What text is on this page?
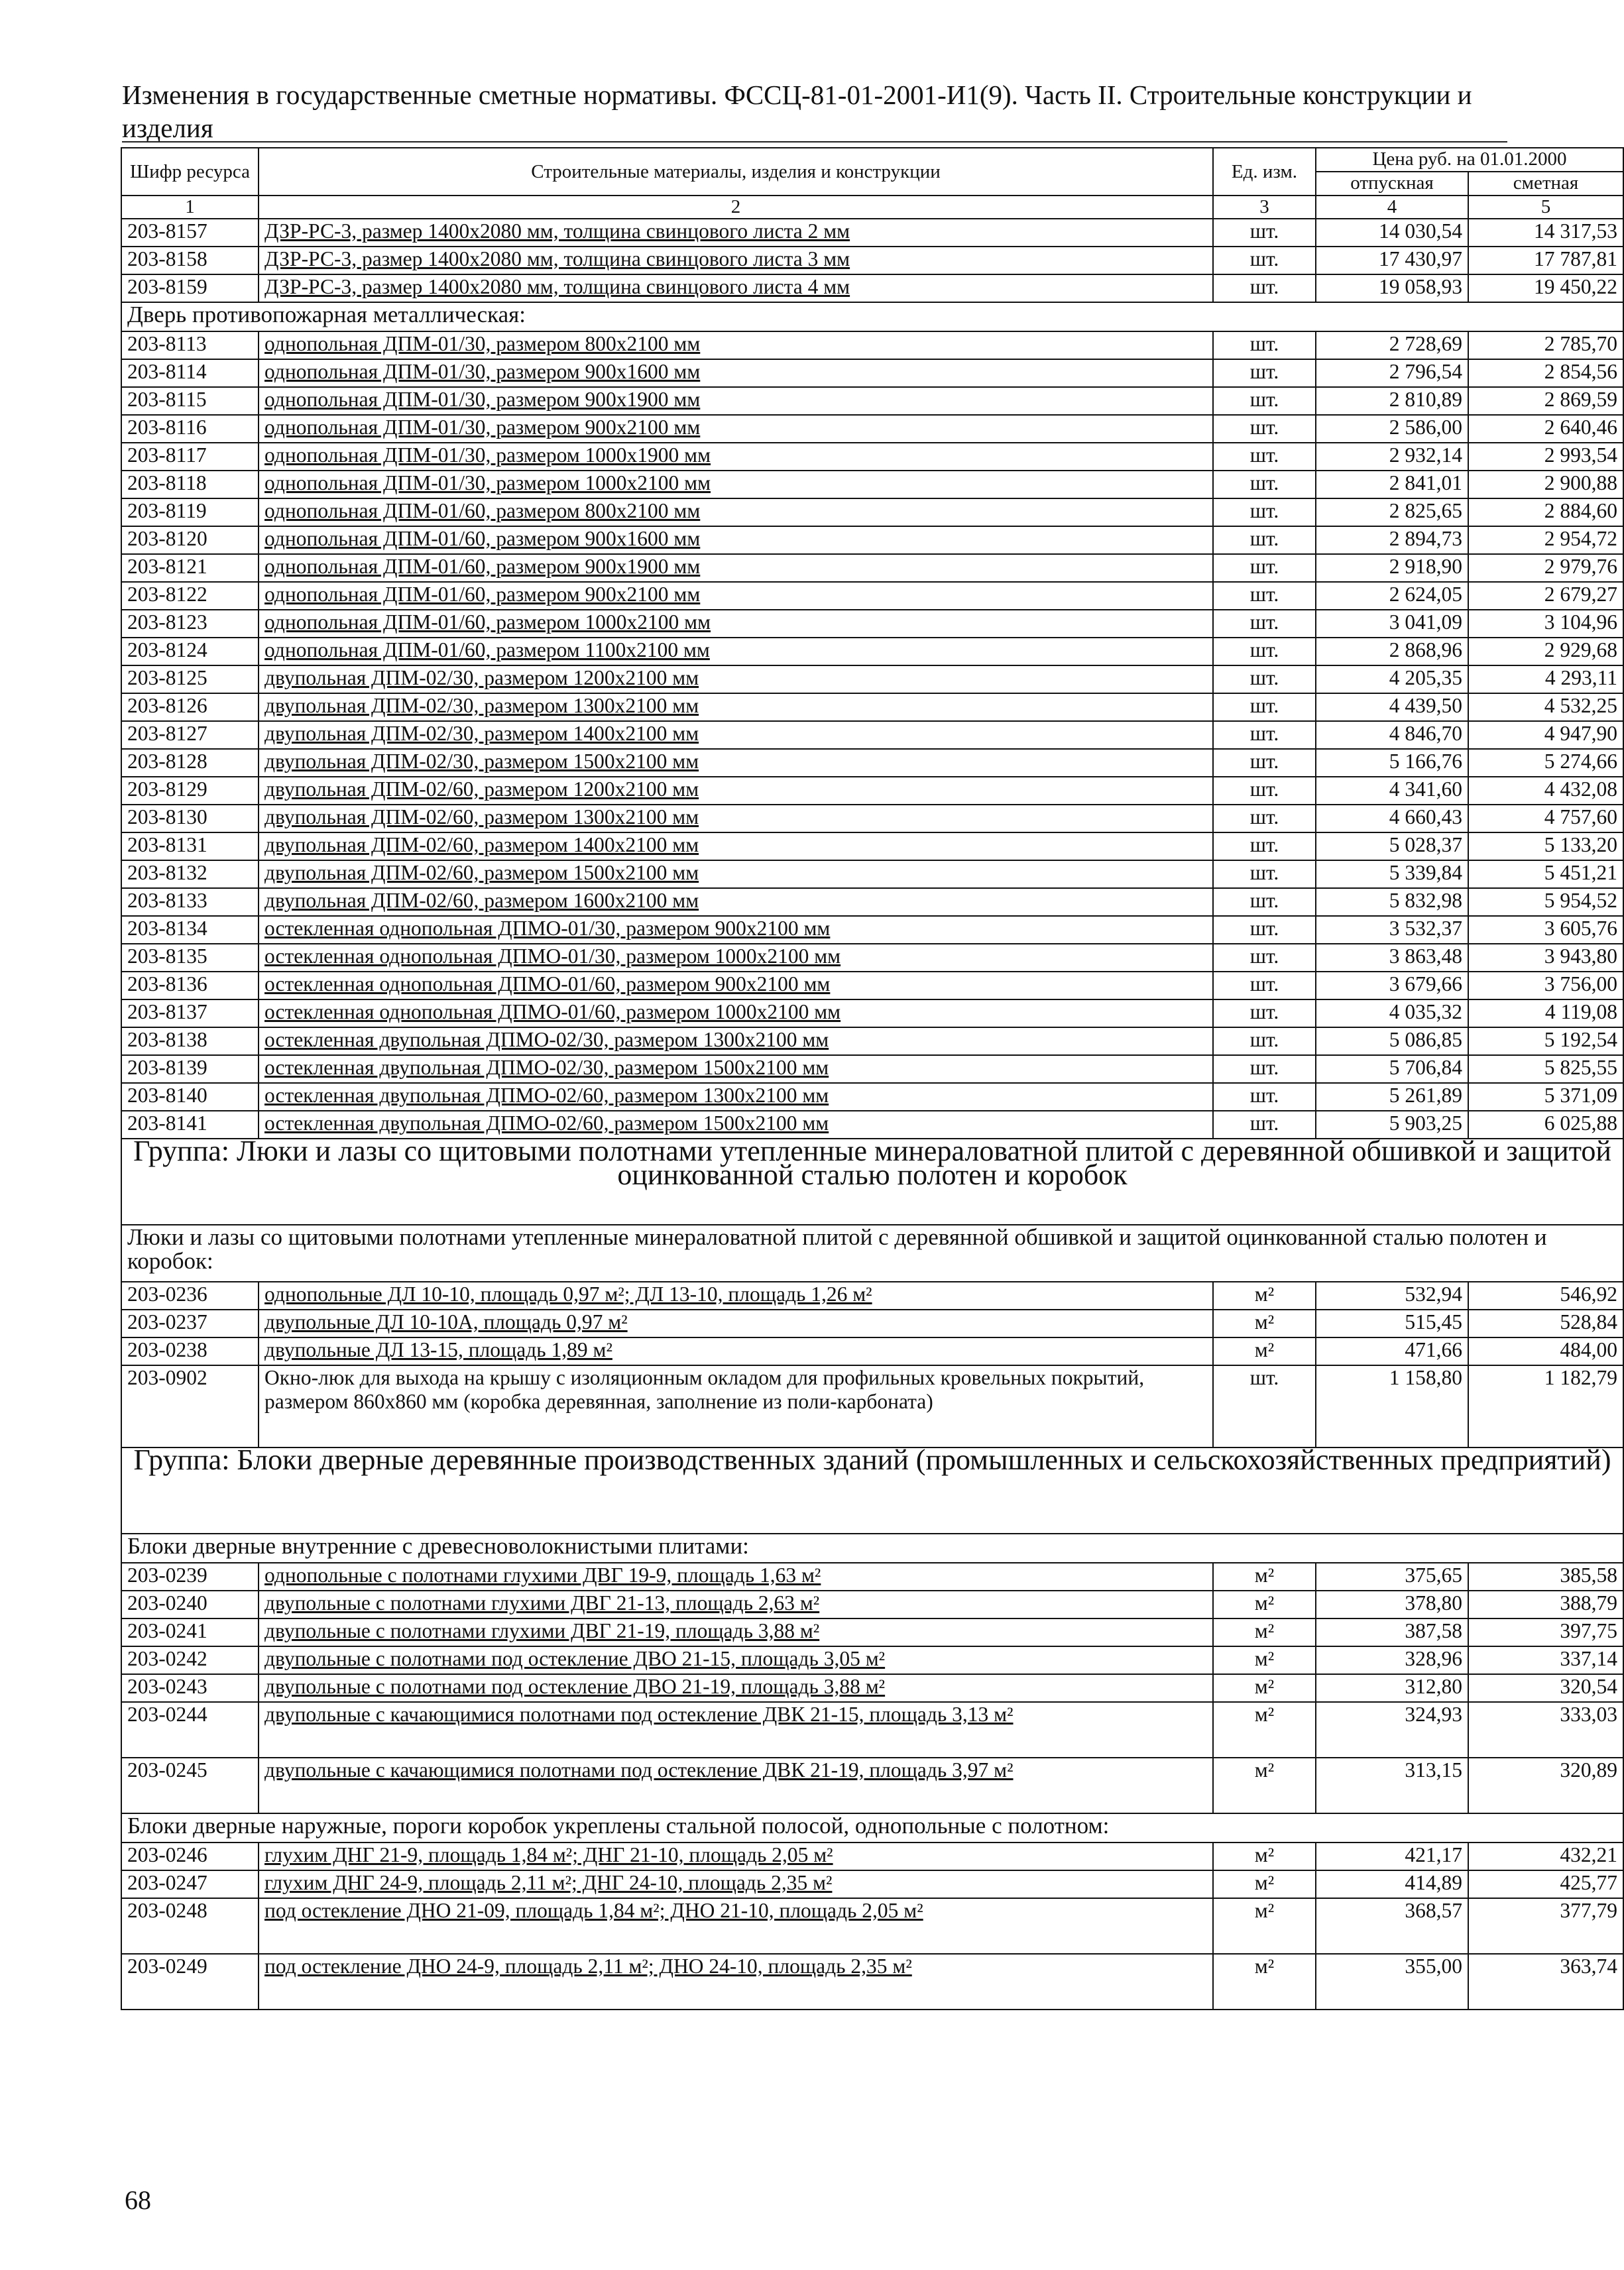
Изменения в государственные сметные нормативы. ФССЦ-81-01-2001-И1(9). Часть II. Строительные конструкции и
изделия
Шифр ресурса	Строительные материалы, изделия и конструкции	Ед. изм.	Цена руб. на 01.01.2000	
			отпускная	сметная
1	2	3	4	5
203-8157	ДЗР-РС-3, размер 1400х2080 мм, толщина свинцового листа 2 мм	шт.	14 030,54	14 317,53
203-8158	ДЗР-РС-3, размер 1400х2080 мм, толщина свинцового листа 3 мм	шт.	17 430,97	17 787,81
203-8159	ДЗР-РС-3, размер 1400х2080 мм, толщина свинцового листа 4 мм	шт.	19 058,93	19 450,22
Дверь противопожарная металлическая:				
203-8113	однопольная ДПМ-01/30, размером 800х2100 мм	шт.	2 728,69	2 785,70
203-8114	однопольная ДПМ-01/30, размером 900х1600 мм	шт.	2 796,54	2 854,56
203-8115	однопольная ДПМ-01/30, размером 900х1900 мм	шт.	2 810,89	2 869,59
203-8116	однопольная ДПМ-01/30, размером 900х2100 мм	шт.	2 586,00	2 640,46
203-8117	однопольная ДПМ-01/30, размером 1000х1900 мм	шт.	2 932,14	2 993,54
203-8118	однопольная ДПМ-01/30, размером 1000х2100 мм	шт.	2 841,01	2 900,88
203-8119	однопольная ДПМ-01/60, размером 800х2100 мм	шт.	2 825,65	2 884,60
203-8120	однопольная ДПМ-01/60, размером 900х1600 мм	шт.	2 894,73	2 954,72
203-8121	однопольная ДПМ-01/60, размером 900х1900 мм	шт.	2 918,90	2 979,76
203-8122	однопольная ДПМ-01/60, размером 900х2100 мм	шт.	2 624,05	2 679,27
203-8123	однопольная ДПМ-01/60, размером 1000х2100 мм	шт.	3 041,09	3 104,96
203-8124	однопольная ДПМ-01/60, размером 1100х2100 мм	шт.	2 868,96	2 929,68
203-8125	двупольная ДПМ-02/30, размером 1200х2100 мм	шт.	4 205,35	4 293,11
203-8126	двупольная ДПМ-02/30, размером 1300х2100 мм	шт.	4 439,50	4 532,25
203-8127	двупольная ДПМ-02/30, размером 1400х2100 мм	шт.	4 846,70	4 947,90
203-8128	двупольная ДПМ-02/30, размером 1500х2100 мм	шт.	5 166,76	5 274,66
203-8129	двупольная ДПМ-02/60, размером 1200х2100 мм	шт.	4 341,60	4 432,08
203-8130	двупольная ДПМ-02/60, размером 1300х2100 мм	шт.	4 660,43	4 757,60
203-8131	двупольная ДПМ-02/60, размером 1400х2100 мм	шт.	5 028,37	5 133,20
203-8132	двупольная ДПМ-02/60, размером 1500х2100 мм	шт.	5 339,84	5 451,21
203-8133	двупольная ДПМ-02/60, размером 1600х2100 мм	шт.	5 832,98	5 954,52
203-8134	остекленная однопольная ДПМО-01/30, размером 900х2100 мм	шт.	3 532,37	3 605,76
203-8135	остекленная однопольная ДПМО-01/30, размером 1000х2100 мм	шт.	3 863,48	3 943,80
203-8136	остекленная однопольная ДПМО-01/60, размером 900х2100 мм	шт.	3 679,66	3 756,00
203-8137	остекленная однопольная ДПМО-01/60, размером 1000х2100 мм	шт.	4 035,32	4 119,08
203-8138	остекленная двупольная ДПМО-02/30, размером 1300х2100 мм	шт.	5 086,85	5 192,54
203-8139	остекленная двупольная ДПМО-02/30, размером 1500х2100 мм	шт.	5 706,84	5 825,55
203-8140	остекленная двупольная ДПМО-02/60, размером 1300х2100 мм	шт.	5 261,89	5 371,09
203-8141	остекленная двупольная ДПМО-02/60, размером 1500х2100 мм	шт.	5 903,25	6 025,88
Группа: Люки и лазы со щитовыми полотнами утепленные минераловатной плитой с деревянной обшивкой и защитой оцинкованной сталью полотен и коробок				
Люки и лазы со щитовыми полотнами утепленные минераловатной плитой с деревянной обшивкой и защитой оцинкованной сталью полотен и коробок:				
203-0236	однопольные ДЛ 10-10, площадь 0,97 м²; ДЛ 13-10, площадь 1,26 м²	м²	532,94	546,92
203-0237	двупольные ДЛ 10-10А, площадь 0,97 м²	м²	515,45	528,84
203-0238	двупольные ДЛ 13-15, площадь 1,89 м²	м²	471,66	484,00
203-0902	Окно-люк для выхода на крышу с изоляционным окладом для профильных кровельных покрытий, размером 860х860 мм (коробка деревянная, заполнение из поли-карбоната)	шт.	1 158,80	1 182,79
Группа: Блоки дверные деревянные производственных зданий (промышленных и сельскохозяйственных предприятий)				
Блоки дверные внутренние с древесноволокнистыми плитами:				
203-0239	однопольные с полотнами глухими ДВГ 19-9, площадь 1,63 м²	м²	375,65	385,58
203-0240	двупольные с полотнами глухими ДВГ 21-13, площадь 2,63 м²	м²	378,80	388,79
203-0241	двупольные с полотнами глухими ДВГ 21-19, площадь 3,88 м²	м²	387,58	397,75
203-0242	двупольные с полотнами под остекление ДВО 21-15, площадь 3,05 м²	м²	328,96	337,14
203-0243	двупольные с полотнами под остекление ДВО 21-19, площадь 3,88 м²	м²	312,80	320,54
203-0244	двупольные с качающимися полотнами под остекление ДВК 21-15, площадь 3,13 м²	м²	324,93	333,03
203-0245	двупольные с качающимися полотнами под остекление ДВК 21-19, площадь 3,97 м²	м²	313,15	320,89
Блоки дверные наружные, пороги коробок укреплены стальной полосой, однопольные с полотном:				
203-0246	глухим ДНГ 21-9, площадь 1,84 м²; ДНГ 21-10, площадь 2,05 м²	м²	421,17	432,21
203-0247	глухим ДНГ 24-9, площадь 2,11 м²; ДНГ 24-10, площадь 2,35 м²	м²	414,89	425,77
203-0248	под остекление ДНО 21-09, площадь 1,84 м²; ДНО 21-10, площадь 2,05 м²	м²	368,57	377,79
203-0249	под остекление ДНО 24-9, площадь 2,11 м²; ДНО 24-10, площадь 2,35 м²	м²	355,00	363,74
68
